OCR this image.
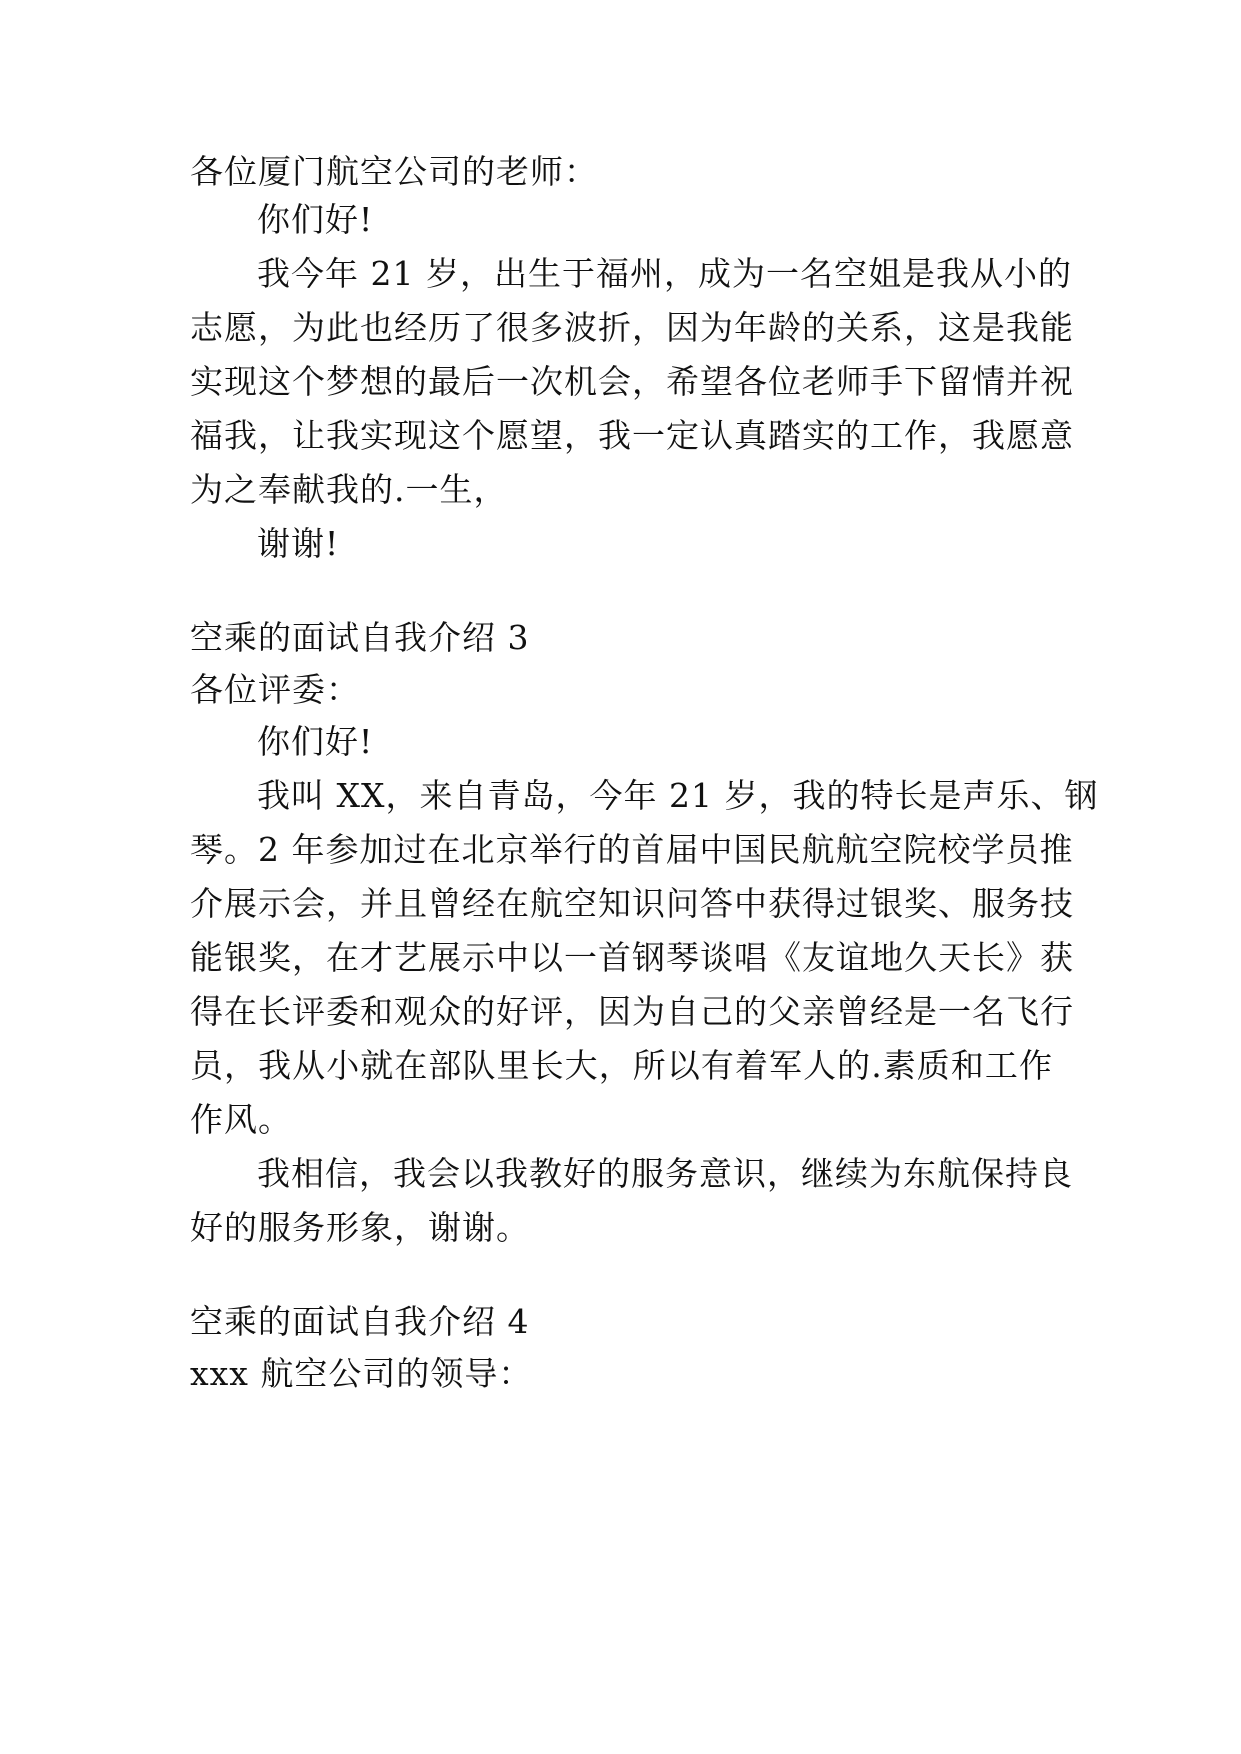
各位厦门航空公司的老师：
你们好!
我今年 21 岁，出生于福州，成为一名空姐是我从小的
志愿，为此也经历了很多波折，因为年龄的关系，这是我能
实现这个梦想的最后一次机会，希望各位老师手下留情并祝
福我，让我实现这个愿望，我一定认真踏实的工作，我愿意
为之奉献我的.一生，
谢谢!
空乘的面试自我介绍 3
各位评委：
你们好!
我叫 XX，来自青岛，今年 21 岁，我的特长是声乐、钢
琴。2 年参加过在北京举行的首届中国民航航空院校学员推
介展示会，并且曾经在航空知识问答中获得过银奖、服务技
能银奖，在才艺展示中以一首钢琴谈唱《友谊地久天长》获
得在长评委和观众的好评，因为自己的父亲曾经是一名飞行
员，我从小就在部队里长大，所以有着军人的.素质和工作
作风。
我相信，我会以我教好的服务意识，继续为东航保持良
好的服务形象，谢谢。
空乘的面试自我介绍 4
xxx 航空公司的领导：
